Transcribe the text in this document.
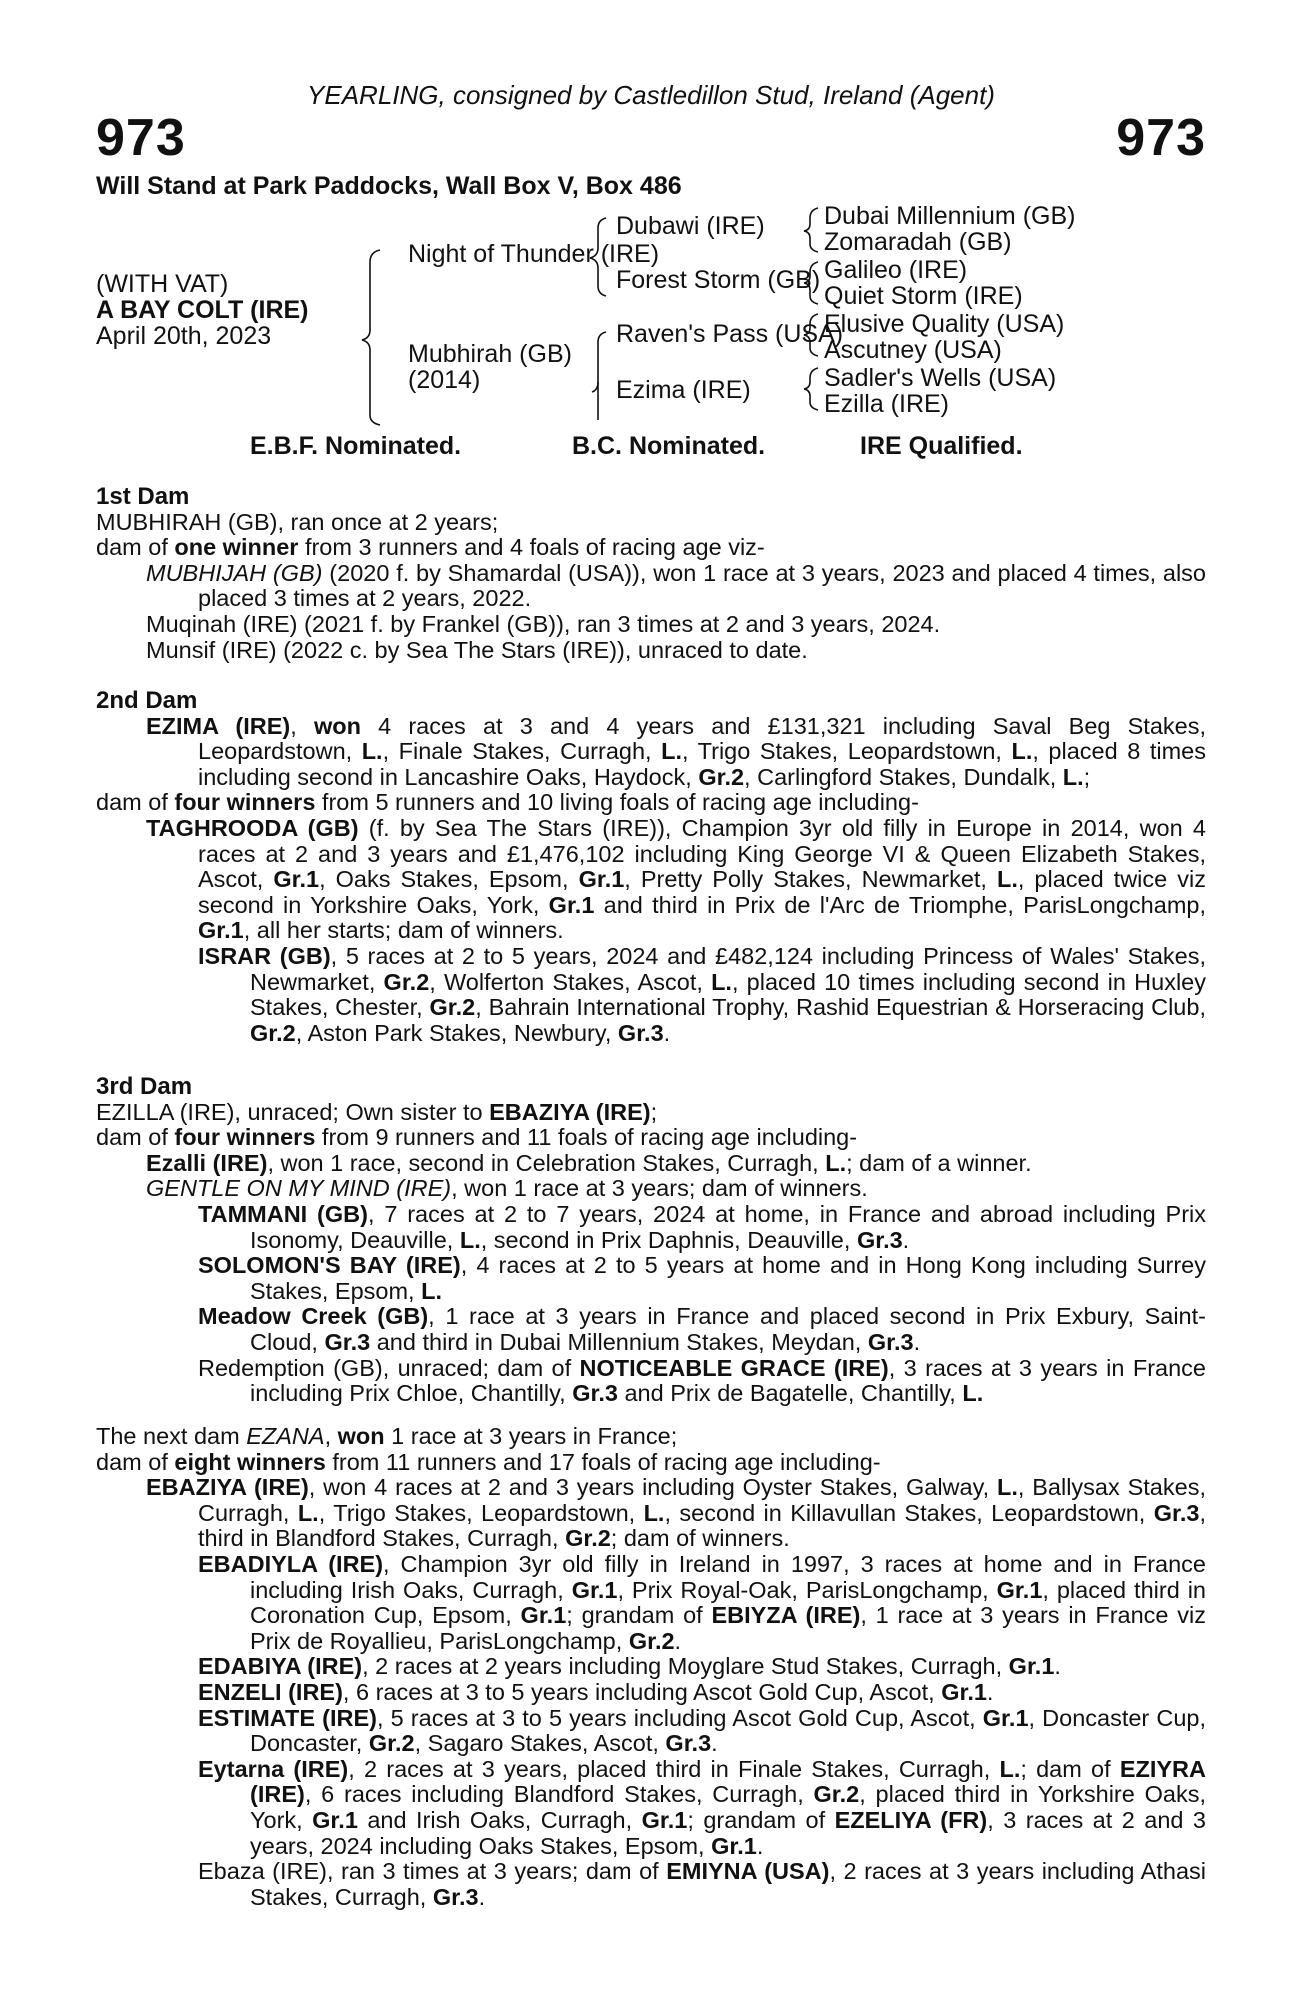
YEARLING, consigned by Castledillon Stud, Ireland (Agent)
973	973
Will Stand at Park Paddocks, Wall Box V, Box 486
(WITH VAT)
A BAY COLT (IRE)
April 20th, 2023
Night of Thunder (IRE)
Mubhirah (GB)
(2014)
Dubawi (IRE)
Forest Storm (GB)
Raven's Pass (USA)
Ezima (IRE)
Dubai Millennium (GB)
Zomaradah (GB)
Galileo (IRE)
Quiet Storm (IRE)
Elusive Quality (USA)
Ascutney (USA)
Sadler's Wells (USA)
Ezilla (IRE)
E.B.F. Nominated.	B.C. Nominated.	IRE Qualified.
1st Dam
MUBHIRAH (GB), ran once at 2 years;
dam of one winner from 3 runners and 4 foals of racing age viz-
MUBHIJAH (GB) (2020 f. by Shamardal (USA)), won 1 race at 3 years, 2023 and placed 4 times, also placed 3 times at 2 years, 2022.
Muqinah (IRE) (2021 f. by Frankel (GB)), ran 3 times at 2 and 3 years, 2024.
Munsif (IRE) (2022 c. by Sea The Stars (IRE)), unraced to date.
2nd Dam
EZIMA (IRE), won 4 races at 3 and 4 years and £131,321 including Saval Beg Stakes, Leopardstown, L., Finale Stakes, Curragh, L., Trigo Stakes, Leopardstown, L., placed 8 times including second in Lancashire Oaks, Haydock, Gr.2, Carlingford Stakes, Dundalk, L.;
dam of four winners from 5 runners and 10 living foals of racing age including-
TAGHROODA (GB) (f. by Sea The Stars (IRE)), Champion 3yr old filly in Europe in 2014, won 4 races at 2 and 3 years and £1,476,102 including King George VI & Queen Elizabeth Stakes, Ascot, Gr.1, Oaks Stakes, Epsom, Gr.1, Pretty Polly Stakes, Newmarket, L., placed twice viz second in Yorkshire Oaks, York, Gr.1 and third in Prix de l'Arc de Triomphe, ParisLongchamp, Gr.1, all her starts; dam of winners.
ISRAR (GB), 5 races at 2 to 5 years, 2024 and £482,124 including Princess of Wales' Stakes, Newmarket, Gr.2, Wolferton Stakes, Ascot, L., placed 10 times including second in Huxley Stakes, Chester, Gr.2, Bahrain International Trophy, Rashid Equestrian & Horseracing Club, Gr.2, Aston Park Stakes, Newbury, Gr.3.
3rd Dam
EZILLA (IRE), unraced; Own sister to EBAZIYA (IRE);
dam of four winners from 9 runners and 11 foals of racing age including-
Ezalli (IRE), won 1 race, second in Celebration Stakes, Curragh, L.; dam of a winner.
GENTLE ON MY MIND (IRE), won 1 race at 3 years; dam of winners.
TAMMANI (GB), 7 races at 2 to 7 years, 2024 at home, in France and abroad including Prix Isonomy, Deauville, L., second in Prix Daphnis, Deauville, Gr.3.
SOLOMON'S BAY (IRE), 4 races at 2 to 5 years at home and in Hong Kong including Surrey Stakes, Epsom, L.
Meadow Creek (GB), 1 race at 3 years in France and placed second in Prix Exbury, Saint-Cloud, Gr.3 and third in Dubai Millennium Stakes, Meydan, Gr.3.
Redemption (GB), unraced; dam of NOTICEABLE GRACE (IRE), 3 races at 3 years in France including Prix Chloe, Chantilly, Gr.3 and Prix de Bagatelle, Chantilly, L.
The next dam EZANA, won 1 race at 3 years in France;
dam of eight winners from 11 runners and 17 foals of racing age including-
EBAZIYA (IRE), won 4 races at 2 and 3 years including Oyster Stakes, Galway, L., Ballysax Stakes, Curragh, L., Trigo Stakes, Leopardstown, L., second in Killavullan Stakes, Leopardstown, Gr.3, third in Blandford Stakes, Curragh, Gr.2; dam of winners.
EBADIYLA (IRE), Champion 3yr old filly in Ireland in 1997, 3 races at home and in France including Irish Oaks, Curragh, Gr.1, Prix Royal-Oak, ParisLongchamp, Gr.1, placed third in Coronation Cup, Epsom, Gr.1; grandam of EBIYZA (IRE), 1 race at 3 years in France viz Prix de Royallieu, ParisLongchamp, Gr.2.
EDABIYA (IRE), 2 races at 2 years including Moyglare Stud Stakes, Curragh, Gr.1.
ENZELI (IRE), 6 races at 3 to 5 years including Ascot Gold Cup, Ascot, Gr.1.
ESTIMATE (IRE), 5 races at 3 to 5 years including Ascot Gold Cup, Ascot, Gr.1, Doncaster Cup, Doncaster, Gr.2, Sagaro Stakes, Ascot, Gr.3.
Eytarna (IRE), 2 races at 3 years, placed third in Finale Stakes, Curragh, L.; dam of EZIYRA (IRE), 6 races including Blandford Stakes, Curragh, Gr.2, placed third in Yorkshire Oaks, York, Gr.1 and Irish Oaks, Curragh, Gr.1; grandam of EZELIYA (FR), 3 races at 2 and 3 years, 2024 including Oaks Stakes, Epsom, Gr.1.
Ebaza (IRE), ran 3 times at 3 years; dam of EMIYNA (USA), 2 races at 3 years including Athasi Stakes, Curragh, Gr.3.
